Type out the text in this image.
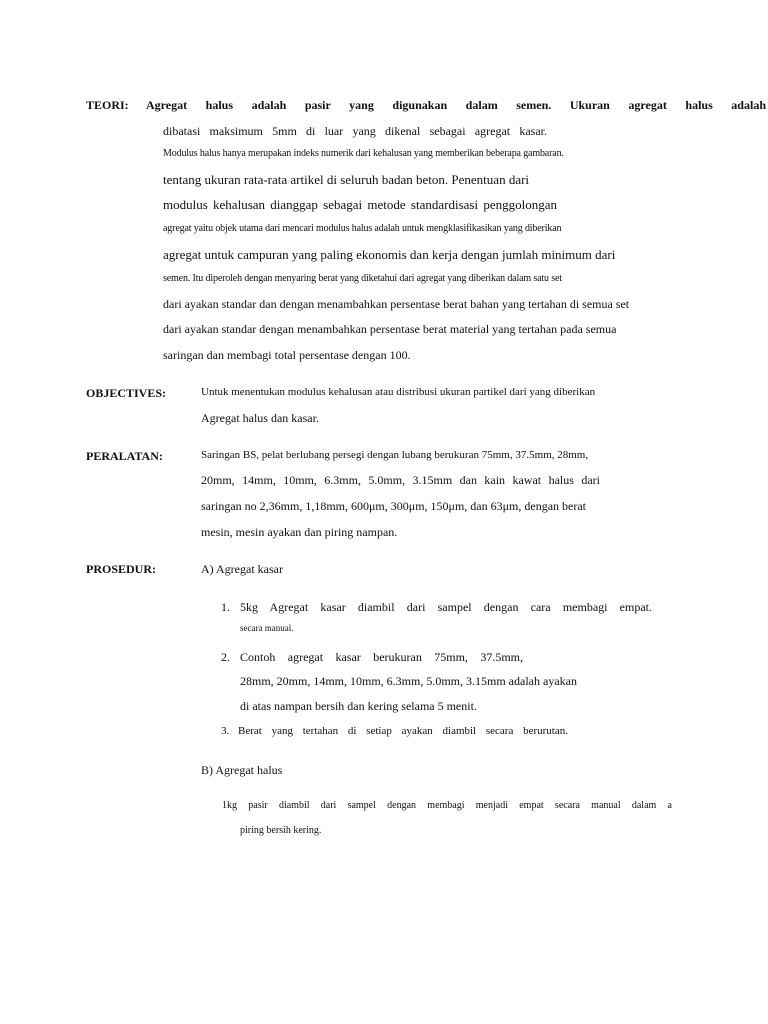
TEORI: Agregat halus adalah pasir yang digunakan dalam semen. Ukuran agregat halus adalah
dibatasi maksimum 5mm di luar yang dikenal sebagai agregat kasar.
Modulus halus hanya merupakan indeks numerik dari kehalusan yang memberikan beberapa gambaran.
tentang ukuran rata-rata artikel di seluruh badan beton. Penentuan dari
modulus kehalusan dianggap sebagai metode standardisasi penggolongan
agregat yaitu objek utama dari mencari modulus halus adalah untuk mengklasifikasikan yang diberikan
agregat untuk campuran yang paling ekonomis dan kerja dengan jumlah minimum dari
semen. Itu diperoleh dengan menyaring berat yang diketahui dari agregat yang diberikan dalam satu set
dari ayakan standar dan dengan menambahkan persentase berat bahan yang tertahan di semua set
dari ayakan standar dengan menambahkan persentase berat material yang tertahan pada semua
saringan dan membagi total persentase dengan 100.
OBJECTIVES:	Untuk menentukan modulus kehalusan atau distribusi ukuran partikel dari yang diberikan
Agregat halus dan kasar.
PERALATAN:	Saringan BS, pelat berlubang persegi dengan lubang berukuran 75mm, 37.5mm, 28mm,
20mm, 14mm, 10mm, 6.3mm, 5.0mm, 3.15mm dan kain kawat halus dari
saringan no 2,36mm, 1,18mm, 600μm, 300μm, 150μm, dan 63μm, dengan berat
mesin, mesin ayakan dan piring nampan.
PROSEDUR:	A) Agregat kasar
1. 5kg Agregat kasar diambil dari sampel dengan cara membagi empat.
secara manual.
2. Contoh agregat kasar berukuran 75mm, 37.5mm,
28mm, 20mm, 14mm, 10mm, 6.3mm, 5.0mm, 3.15mm adalah ayakan
di atas nampan bersih dan kering selama 5 menit.
3. Berat yang tertahan di setiap ayakan diambil secara berurutan.
B) Agregat halus
1kg pasir diambil dari sampel dengan membagi menjadi empat secara manual dalam a
piring bersih kering.
